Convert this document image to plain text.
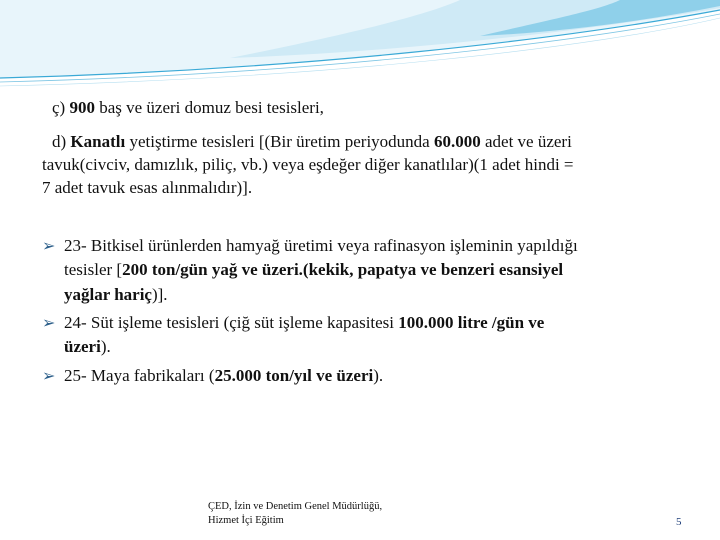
ç) 900 baş ve üzeri domuz besi tesisleri,
d) Kanatlı yetiştirme tesisleri [(Bir üretim periyodunda 60.000 adet ve üzeri
tavuk(civciv, damızlık, piliç, vb.) veya eşdeğer diğer kanatlılar)(1 adet hindi =
7 adet tavuk esas alınmalıdır)].
➢ 23- Bitkisel ürünlerden hamyağ üretimi veya rafinasyon işleminin yapıldığı
tesisler [200 ton/gün yağ ve üzeri.(kekik, papatya ve benzeri esansiyel
yağlar hariç)].
➢ 24- Süt işleme tesisleri (çiğ süt işleme kapasitesi 100.000 litre /gün ve
üzeri).
➢ 25- Maya fabrikaları (25.000 ton/yıl ve üzeri).
ÇED, İzin ve Denetim Genel Müdürlüğü,
Hizmet İçi Eğitim	5
